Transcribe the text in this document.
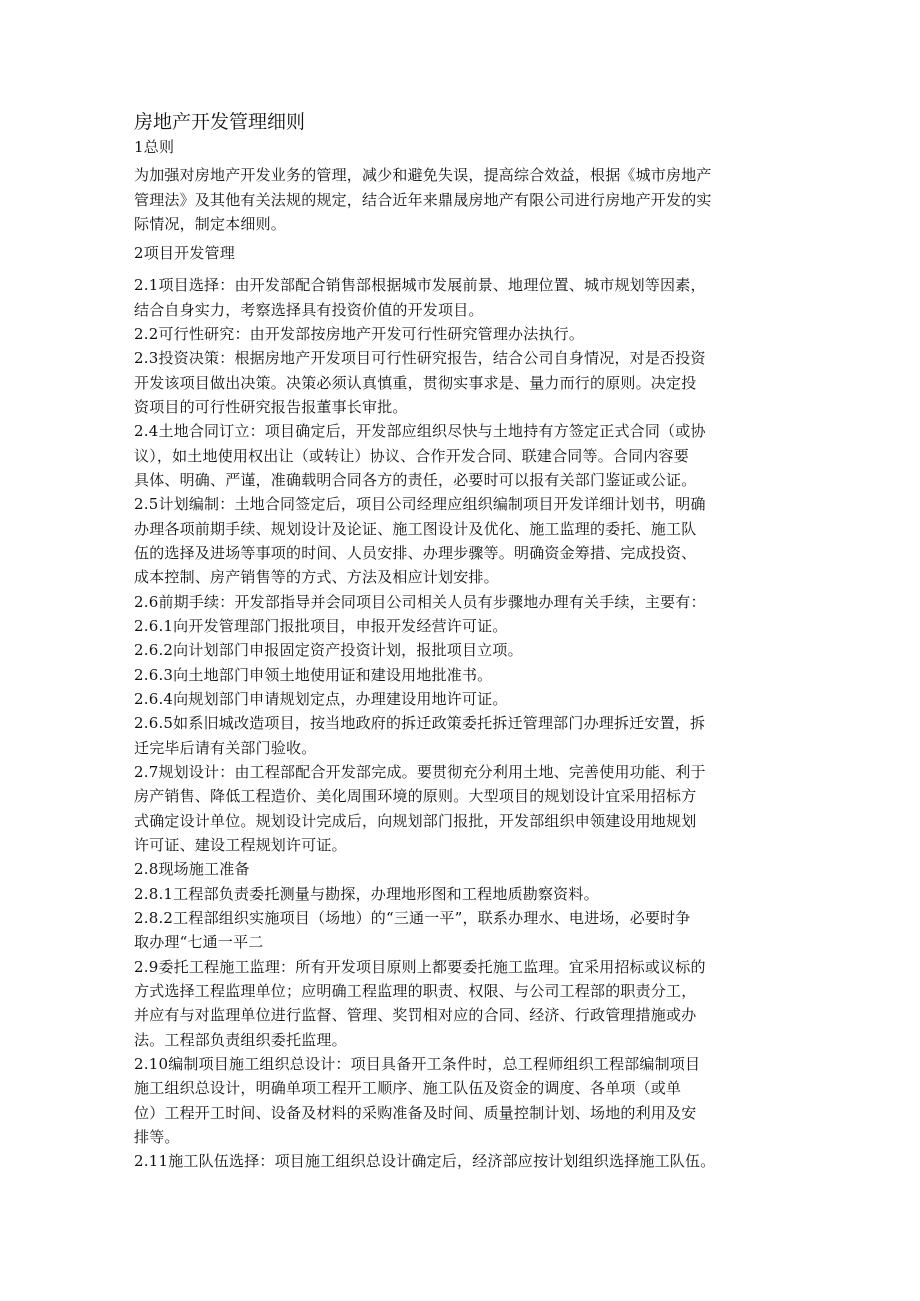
房地产开发管理细则
1总则
为加强对房地产开发业务的管理，减少和避免失误，提高综合效益，根据《城市房地产
管理法》及其他有关法规的规定，结合近年来鼎晟房地产有限公司进行房地产开发的实
际情况，制定本细则。
2项目开发管理
2.1项目选择：由开发部配合销售部根据城市发展前景、地理位置、城市规划等因素，
结合自身实力，考察选择具有投资价值的开发项目。
2.2可行性研究：由开发部按房地产开发可行性研究管理办法执行。
2.3投资决策：根据房地产开发项目可行性研究报告，结合公司自身情况，对是否投资
开发该项目做出决策。决策必须认真慎重，贯彻实事求是、量力而行的原则。决定投
资项目的可行性研究报告报董事长审批。
2.4土地合同订立：项目确定后，开发部应组织尽快与土地持有方签定正式合同（或协
议），如土地使用权出让（或转让）协议、合作开发合同、联建合同等。合同内容要
具体、明确、严谨，准确载明合同各方的责任，必要时可以报有关部门鉴证或公证。
2.5计划编制：土地合同签定后，项目公司经理应组织编制项目开发详细计划书，明确
办理各项前期手续、规划设计及论证、施工图设计及优化、施工监理的委托、施工队
伍的选择及进场等事项的时间、人员安排、办理步骤等。明确资金筹措、完成投资、
成本控制、房产销售等的方式、方法及相应计划安排。
2.6前期手续：开发部指导并会同项目公司相关人员有步骤地办理有关手续，主要有：
2.6.1向开发管理部门报批项目，申报开发经营许可证。
2.6.2向计划部门申报固定资产投资计划，报批项目立项。
2.6.3向土地部门申领土地使用证和建设用地批准书。
2.6.4向规划部门申请规划定点，办理建设用地许可证。
2.6.5如系旧城改造项目，按当地政府的拆迁政策委托拆迁管理部门办理拆迁安置，拆
迁完毕后请有关部门验收。
2.7规划设计：由工程部配合开发部完成。要贯彻充分利用土地、完善使用功能、利于
房产销售、降低工程造价、美化周围环境的原则。大型项目的规划设计宜采用招标方
式确定设计单位。规划设计完成后，向规划部门报批，开发部组织申领建设用地规划
许可证、建设工程规划许可证。
2.8现场施工准备
2.8.1工程部负责委托测量与勘探，办理地形图和工程地质勘察资料。
2.8.2工程部组织实施项目（场地）的“三通一平”，联系办理水、电进场，必要时争
取办理“七通一平二
2.9委托工程施工监理：所有开发项目原则上都要委托施工监理。宜采用招标或议标的
方式选择工程监理单位；应明确工程监理的职责、权限、与公司工程部的职责分工，
并应有与对监理单位进行监督、管理、奖罚相对应的合同、经济、行政管理措施或办
法。工程部负责组织委托监理。
2.10编制项目施工组织总设计：项目具备开工条件时，总工程师组织工程部编制项目
施工组织总设计，明确单项工程开工顺序、施工队伍及资金的调度、各单项（或单
位）工程开工时间、设备及材料的采购准备及时间、质量控制计划、场地的利用及安
排等。
2.11施工队伍选择：项目施工组织总设计确定后，经济部应按计划组织选择施工队伍。
